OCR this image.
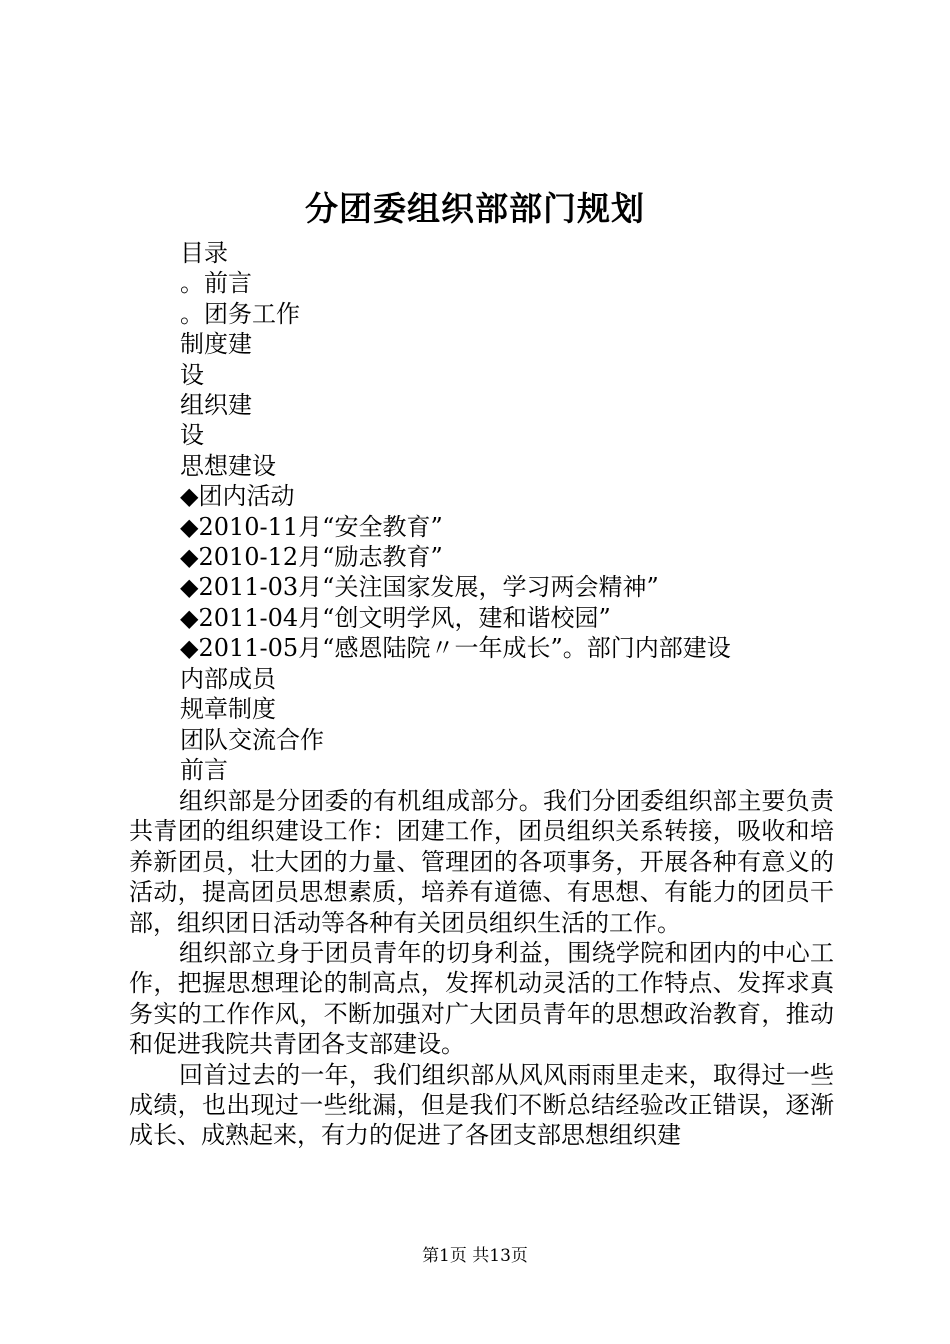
分团委组织部部门规划
目录
。前言
。团务工作
制度建
设
组织建
设
思想建设
◆团内活动
◆2010-11月“安全教育”
◆2010-12月“励志教育”
◆2011-03月“关注国家发展，学习两会精神”
◆2011-04月“创文明学风，建和谐校园”
◆2011-05月“感恩陆院〃一年成长”。部门内部建设
内部成员
规章制度
团队交流合作
前言

组织部是分团委的有机组成部分。我们分团委组织部主要负责共青团的组织建设工作：团建工作，团员组织关系转接，吸收和培养新团员，壮大团的力量、管理团的各项事务，开展各种有意义的活动，提高团员思想素质，培养有道德、有思想、有能力的团员干部，组织团日活动等各种有关团员组织生活的工作。

组织部立身于团员青年的切身利益，围绕学院和团内的中心工作，把握思想理论的制高点，发挥机动灵活的工作特点、发挥求真务实的工作作风，不断加强对广大团员青年的思想政治教育，推动和促进我院共青团各支部建设。

回首过去的一年，我们组织部从风风雨雨里走来，取得过一些成绩，也出现过一些纰漏，但是我们不断总结经验改正错误，逐渐成长、成熟起来，有力的促进了各团支部思想组织建

第1页 共13页
